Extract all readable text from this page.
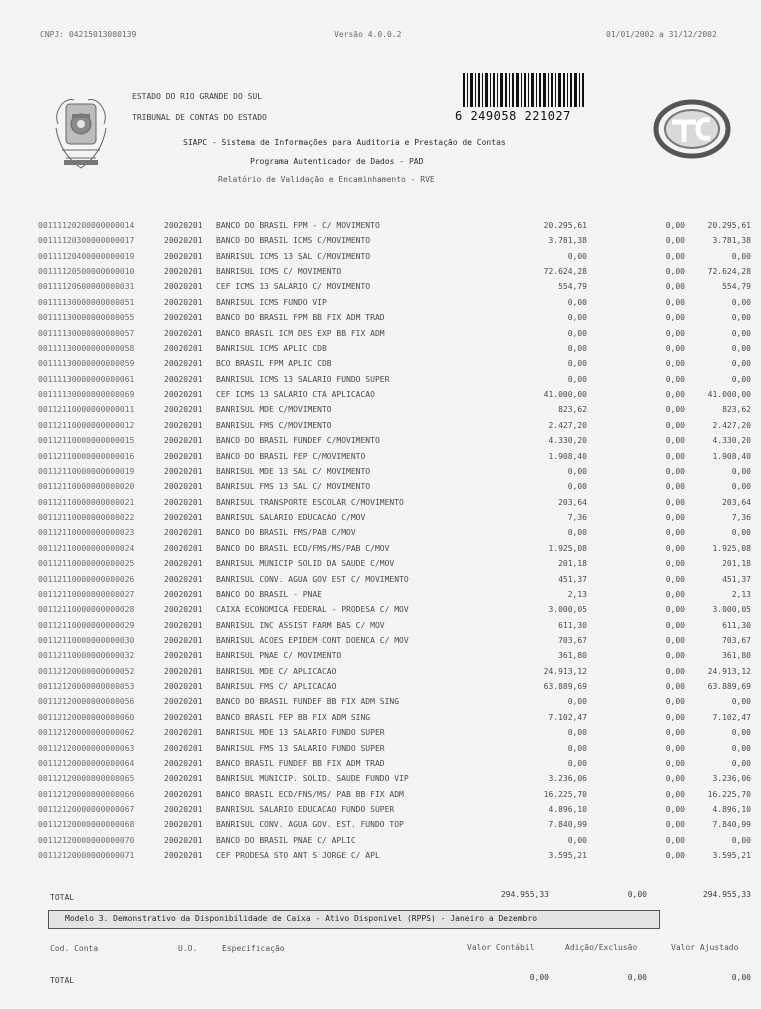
CNPJ: 04215013000139	Versão 4.0.0.2	01/01/2002 a 31/12/2002
ESTADO DO RIO GRANDE DO SUL
TRIBUNAL DE CONTAS DO ESTADO	6 249058 221027
SIAPC - Sistema de Informações para Auditoria e Prestação de Contas
Programa Autenticador de Dados - PAD
Relatório de Validação e Encaminhamento - RVE
00111120200000000014	20020201 BANCO DO BRASIL FPM - C/ MOVIMENTO	20.295,61	0,00	20.295,61
00111120300000000017	20020201 BANCO DO BRASIL ICMS C/MOVIMENTO	3.781,38	0,00	3.781,38
00111120400000000019	20020201 BANRISUL ICMS 13 SAL C/MOVIMENTO	0,00	0,00	0,00
00111120500000000010	20020201 BANRISUL ICMS C/ MOVIMENTO	72.624,28	0,00	72.624,28
00111120600000000031	20020201 CEF ICMS 13 SALARIO C/ MOVIMENTO	554,79	0,00	554,79
00111130000000000051	20020201 BANRISUL ICMS FUNDO VIP	0,00	0,00	0,00
00111130000000000055	20020201 BANCO DO BRASIL FPM BB FIX ADM TRAD	0,00	0,00	0,00
00111130000000000057	20020201 BANCO BRASIL ICM DES EXP BB FIX ADM	0,00	0,00	0,00
00111130000000000058	20020201 BANRISUL ICMS APLIC CDB	0,00	0,00	0,00
00111130000000000059	20020201 BCO BRASIL FPM APLIC CDB	0,00	0,00	0,00
00111130000000000061	20020201 BANRISUL ICMS 13 SALARIO FUNDO SUPER	0,00	0,00	0,00
00111130000000000069	20020201 CEF ICMS 13 SALARIO CTA APLICACAO	41.000,00	0,00	41.000,00
00112110000000000011	20020201 BANRISUL MDE C/MOVIMENTO	823,62	0,00	823,62
00112110000000000012	20020201 BANRISUL FMS C/MOVIMENTO	2.427,20	0,00	2.427,20
00112110000000000015	20020201 BANCO DO BRASIL FUNDEF C/MOVIMENTO	4.330,20	0,00	4.330,20
00112110000000000016	20020201 BANCO DO BRASIL FEP C/MOVIMENTO	1.908,40	0,00	1.908,40
00112110000000000019	20020201 BANRISUL MDE 13 SAL C/ MOVIMENTO	0,00	0,00	0,00
00112110000000000020	20020201 BANRISUL FMS 13 SAL C/ MOVIMENTO	0,00	0,00	0,00
00112110000000000021	20020201 BANRISUL TRANSPORTE ESCOLAR C/MOVIMENTO	203,64	0,00	203,64
00112110000000000022	20020201 BANRISUL SALARIO EDUCACAO C/MOV	7,36	0,00	7,36
00112110000000000023	20020201 BANCO DO BRASIL FMS/PAB C/MOV	0,00	0,00	0,00
00112110000000000024	20020201 BANCO DO BRASIL ECD/FMS/MS/PAB C/MOV	1.925,08	0,00	1.925,08
00112110000000000025	20020201 BANRISUL MUNICIP SOLID DA SAUDE C/MOV	201,18	0,00	201,18
00112110000000000026	20020201 BANRISUL CONV. AGUA GOV EST C/ MOVIMENTO	451,37	0,00	451,37
00112110000000000027	20020201 BANCO DO BRASIL - PNAE	2,13	0,00	2,13
00112110000000000028	20020201 CAIXA ECONOMICA FEDERAL - PRODESA C/ MOV	3.000,05	0,00	3.000,05
00112110000000000029	20020201 BANRISUL INC ASSIST FARM BAS C/ MOV	611,30	0,00	611,30
00112110000000000030	20020201 BANRISUL ACOES EPIDEM CONT DOENCA C/ MOV	703,67	0,00	703,67
00112110000000000032	20020201 BANRISUL PNAE C/ MOVIMENTO	361,80	0,00	361,80
00112120000000000052	20020201 BANRISUL MDE C/ APLICACAO	24.913,12	0,00	24.913,12
00112120000000000053	20020201 BANRISUL FMS C/ APLICACAO	63.889,69	0,00	63.889,69
00112120000000000056	20020201 BANCO DO BRASIL FUNDEF BB FIX ADM SING	0,00	0,00	0,00
00112120000000000060	20020201 BANCO BRASIL FEP BB FIX ADM SING	7.102,47	0,00	7.102,47
00112120000000000062	20020201 BANRISUL MDE 13 SALARIO FUNDO SUPER	0,00	0,00	0,00
00112120000000000063	20020201 BANRISUL FMS 13 SALARIO FUNDO SUPER	0,00	0,00	0,00
00112120000000000064	20020201 BANCO BRASIL FUNDEF BB FIX ADM TRAD	0,00	0,00	0,00
00112120000000000065	20020201 BANRISUL MUNICIP. SOLID. SAUDE FUNDO VIP	3.236,06	0,00	3.236,06
00112120000000000066	20020201 BANCO BRASIL ECD/FNS/MS/ PAB BB FIX ADM	16.225,70	0,00	16.225,70
00112120000000000067	20020201 BANRISUL SALARIO EDUCACAO FUNDO SUPER	4.896,10	0,00	4.896,10
00112120000000000068	20020201 BANRISUL CONV. AGUA GOV. EST. FUNDO TOP	7.840,99	0,00	7.840,99
00112120000000000070	20020201 BANCO DO BRASIL PNAE C/ APLIC	0,00	0,00	0,00
00112120000000000071	20020201 CEF PRODESA STO ANT S JORGE C/ APL	3.595,21	0,00	3.595,21
TOTAL	294.955,33	0,00	294.955,33
Modelo 3. Demonstrativo da Disponibilidade de Caixa - Ativo Disponivel (RPPS) - Janeiro a Dezembro
Cod. Conta	U.O.	Especificação	Valor Contábil	Adição/Exclusão	Valor Ajustado
TOTAL	0,00	0,00	0,00
